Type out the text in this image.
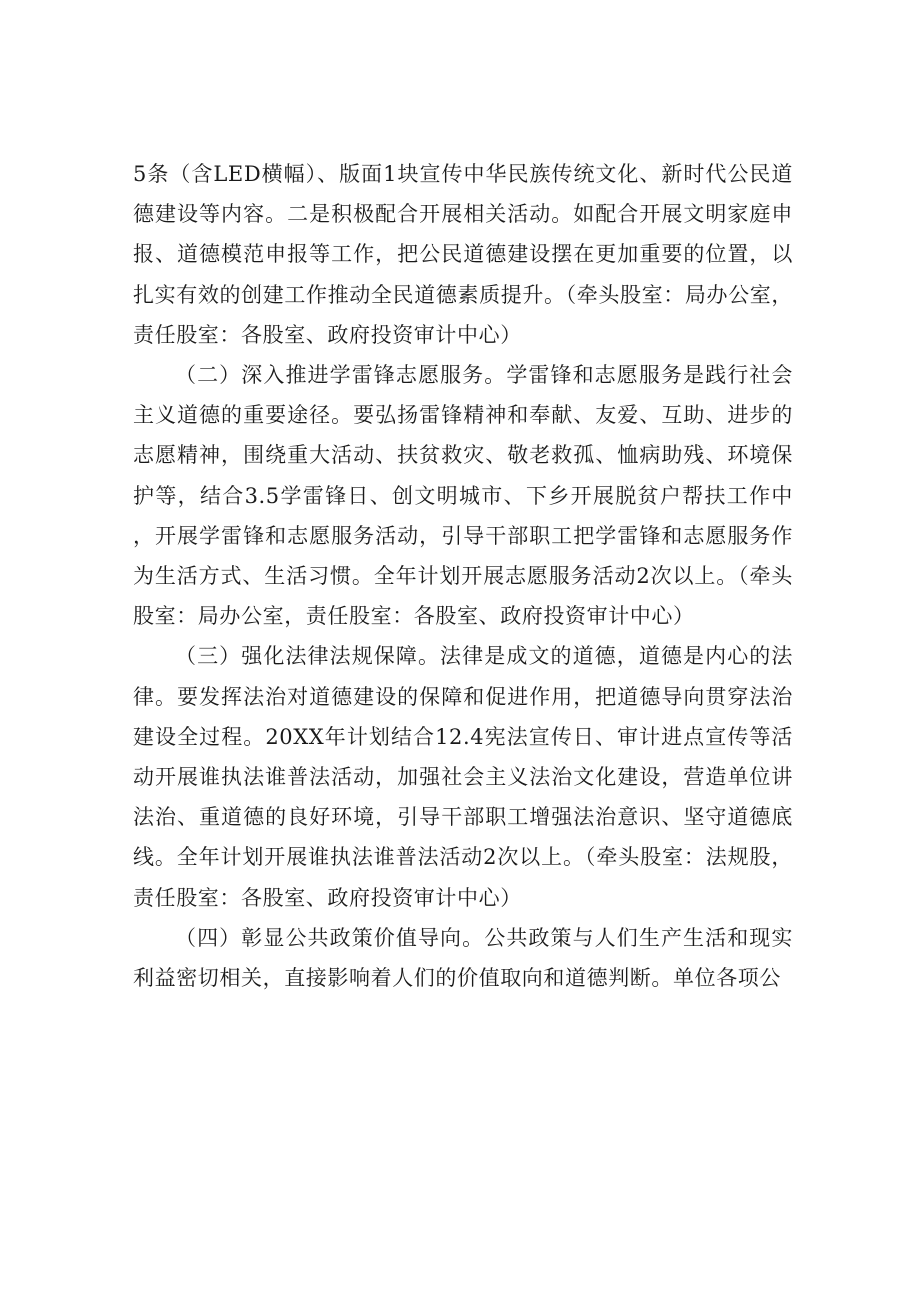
5条（含LED横幅）、版面1块宣传中华民族传统文化、新时代公民道德建设等内容。二是积极配合开展相关活动。如配合开展文明家庭申报、道德模范申报等工作，把公民道德建设摆在更加重要的位置，以扎实有效的创建工作推动全民道德素质提升。（牵头股室：局办公室，责任股室：各股室、政府投资审计中心）

（二）深入推进学雷锋志愿服务。学雷锋和志愿服务是践行社会主义道德的重要途径。要弘扬雷锋精神和奉献、友爱、互助、进步的志愿精神，围绕重大活动、扶贫救灾、敬老救孤、恤病助残、环境保护等，结合3.5学雷锋日、创文明城市、下乡开展脱贫户帮扶工作中，开展学雷锋和志愿服务活动，引导干部职工把学雷锋和志愿服务作为生活方式、生活习惯。全年计划开展志愿服务活动2次以上。（牵头股室：局办公室，责任股室：各股室、政府投资审计中心）

（三）强化法律法规保障。法律是成文的道德，道德是内心的法律。要发挥法治对道德建设的保障和促进作用，把道德导向贯穿法治建设全过程。20XX年计划结合12.4宪法宣传日、审计进点宣传等活动开展谁执法谁普法活动，加强社会主义法治文化建设，营造单位讲法治、重道德的良好环境，引导干部职工增强法治意识、坚守道德底线。全年计划开展谁执法谁普法活动2次以上。（牵头股室：法规股，责任股室：各股室、政府投资审计中心）

（四）彰显公共政策价值导向。公共政策与人们生产生活和现实利益密切相关，直接影响着人们的价值取向和道德判断。单位各项公
